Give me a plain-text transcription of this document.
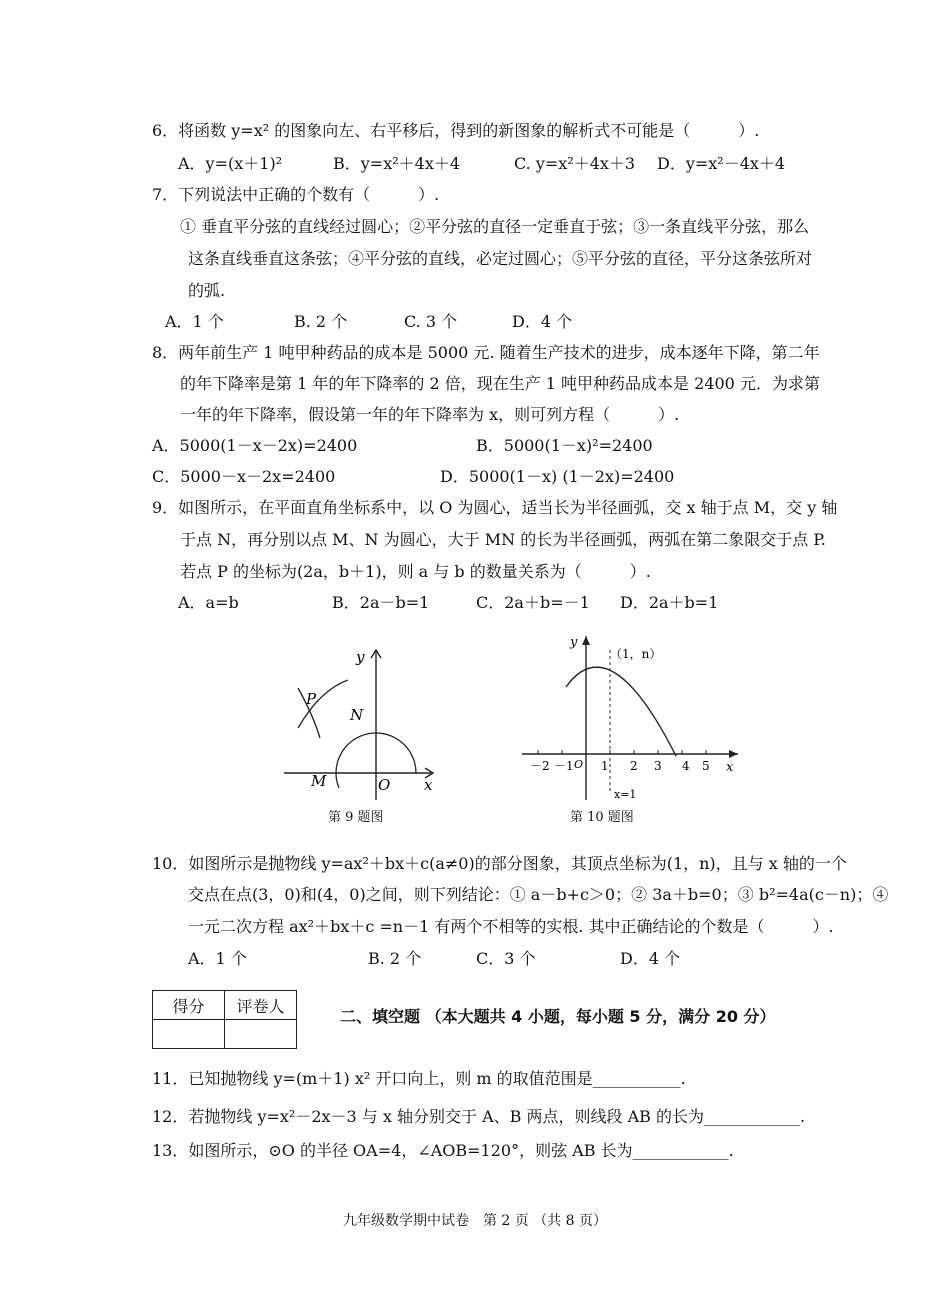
6．将函数 y=x² 的图象向左、右平移后，得到的新图象的解析式不可能是（　　　）.
A．y=(x＋1)²	B．y=x²＋4x＋4	C. y=x²＋4x＋3 D．y=x²－4x＋4
7．下列说法中正确的个数有（　　　）.
① 垂直平分弦的直线经过圆心；②平分弦的直径一定垂直于弦；③一条直线平分弦，那么
这条直线垂直这条弦；④平分弦的直线，必定过圆心；⑤平分弦的直径，平分这条弦所对
的弧.
A．1 个	B. 2 个	C. 3 个	D．4 个
8．两年前生产 1 吨甲种药品的成本是 5000 元. 随着生产技术的进步，成本逐年下降，第二年
的年下降率是第 1 年的年下降率的 2 倍，现在生产 1 吨甲种药品成本是 2400 元．为求第
一年的年下降率，假设第一年的年下降率为 x，则可列方程（　　　）.
A．5000(1－x－2x)=2400	B．5000(1－x)²=2400
C．5000－x－2x=2400	D．5000(1－x) (1－2x)=2400
9．如图所示，在平面直角坐标系中，以 O 为圆心，适当长为半径画弧，交 x 轴于点 M，交 y 轴
于点 N，再分别以点 M、N 为圆心，大于 MN 的长为半径画弧，两弧在第二象限交于点 P.
若点 P 的坐标为(2a，b＋1)，则 a 与 b 的数量关系为（　　　）.
A．a=b	B．2a－b=1	C．2a＋b=－1 D．2a＋b=1
y
x
P
N
M	O
第 9 题图
（1，n）
y
x
O
－2 －1 1 2 3 4 5
x=1
第 10 题图
10．如图所示是抛物线 y=ax²＋bx＋c(a≠0)的部分图象，其顶点坐标为(1，n)，且与 x 轴的一个
交点在点(3，0)和(4，0)之间，则下列结论：① a－b+c＞0；② 3a＋b=0；③ b²=4a(c－n)；④
一元二次方程 ax²＋bx＋c =n－1 有两个不相等的实根. 其中正确结论的个数是（　　　）.
A．1 个	B. 2 个	C．3 个	D．4 个
得分	评卷人

二、填空题 （本大题共 4 小题，每小题 5 分，满分 20 分）
11．已知抛物线 y=(m＋1) x² 开口向上，则 m 的取值范围是___________.
12．若抛物线 y=x²－2x－3 与 x 轴分别交于 A、B 两点，则线段 AB 的长为____________.
13．如图所示，⊙O 的半径 OA=4，∠AOB=120°，则弦 AB 长为____________.
九年级数学期中试卷　第 2 页 （共 8 页）
